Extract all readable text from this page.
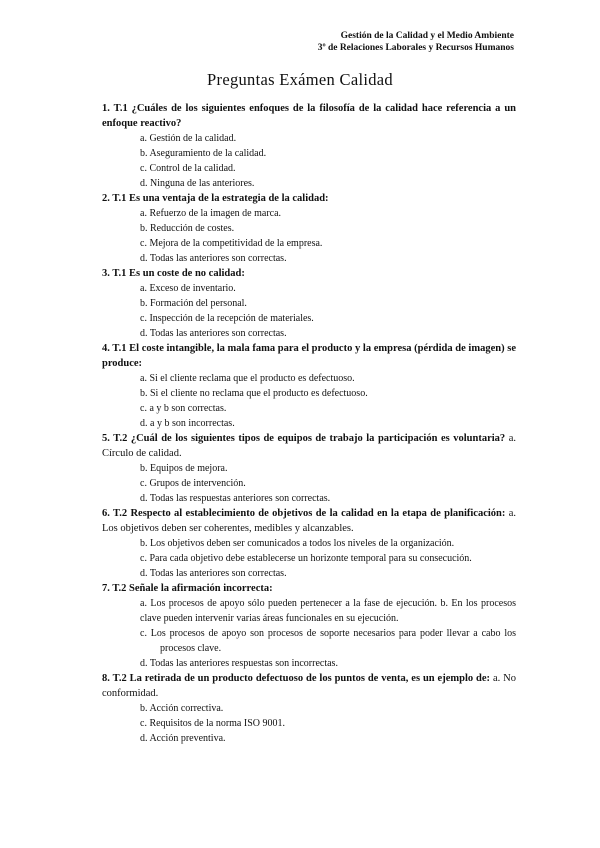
Gestión de la Calidad y el Medio Ambiente
3º de Relaciones Laborales y Recursos Humanos
Preguntas Exámen Calidad
1. T.1 ¿Cuáles de los siguientes enfoques de la filosofía de la calidad hace referencia a un enfoque reactivo?
a. Gestión de la calidad.
b. Aseguramiento de la calidad.
c. Control de la calidad.
d. Ninguna de las anteriores.
2. T.1 Es una ventaja de la estrategia de la calidad:
a. Refuerzo de la imagen de marca.
b. Reducción de costes.
c. Mejora de la competitividad de la empresa.
d. Todas las anteriores son correctas.
3. T.1 Es un coste de no calidad:
a. Exceso de inventario.
b. Formación del personal.
c. Inspección de la recepción de materiales.
d. Todas las anteriores son correctas.
4. T.1 El coste intangible, la mala fama para el producto y la empresa (pérdida de imagen) se produce:
a. Si el cliente reclama que el producto es defectuoso.
b. Si el cliente no reclama que el producto es defectuoso.
c. a y b son correctas.
d. a y b son incorrectas.
5. T.2 ¿Cuál de los siguientes tipos de equipos de trabajo la participación es voluntaria? a. Círculo de calidad.
b. Equipos de mejora.
c. Grupos de intervención.
d. Todas las respuestas anteriores son correctas.
6. T.2 Respecto al establecimiento de objetivos de la calidad en la etapa de planificación: a. Los objetivos deben ser coherentes, medibles y alcanzables.
b. Los objetivos deben ser comunicados a todos los niveles de la organización.
c. Para cada objetivo debe establecerse un horizonte temporal para su consecución.
d. Todas las anteriores son correctas.
7. T.2 Señale la afirmación incorrecta:
a. Los procesos de apoyo sólo pueden pertenecer a la fase de ejecución. b. En los procesos clave pueden intervenir varias áreas funcionales en su ejecución.
c. Los procesos de apoyo son procesos de soporte necesarios para poder llevar a cabo los procesos clave.
d. Todas las anteriores respuestas son incorrectas.
8. T.2 La retirada de un producto defectuoso de los puntos de venta, es un ejemplo de: a. No conformidad.
b. Acción correctiva.
c. Requisitos de la norma ISO 9001.
d. Acción preventiva.
